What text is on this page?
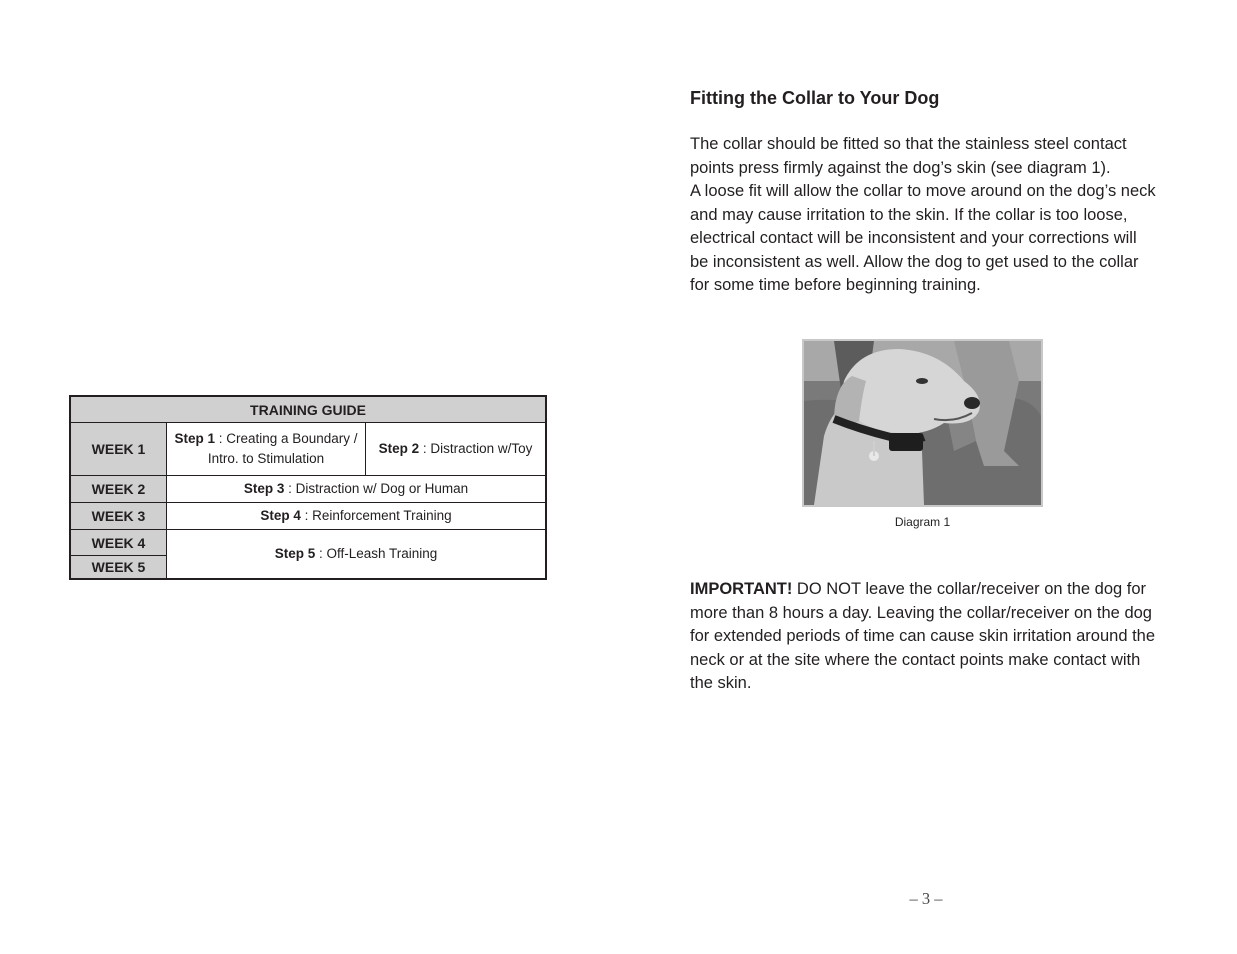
TRAINING GUIDE
WEEK 1
Step 1 : Creating a Boundary /
Intro. to Stimulation
Step 2 : Distraction w/Toy
WEEK 2	Step 3 : Distraction w/ Dog or Human
WEEK 3	Step 4 : Reinforcement Training
WEEK 4
WEEK 5
Step 5 : Off-Leash Training
Fitting the Collar to Your Dog

The collar should be fitted so that the stainless steel contact
points press firmly against the dog’s skin (see diagram 1).
A loose fit will allow the collar to move around on the dog’s neck
and may cause irritation to the skin. If the collar is too loose,
electrical contact will be inconsistent and your corrections will
be inconsistent as well. Allow the dog to get used to the collar
for some time before beginning training.

Diagram 1

IMPORTANT! DO NOT leave the collar/receiver on the dog for
more than 8 hours a day. Leaving the collar/receiver on the dog
for extended periods of time can cause skin irritation around the
neck or at the site where the contact points make contact with
the skin.

– 3 –
